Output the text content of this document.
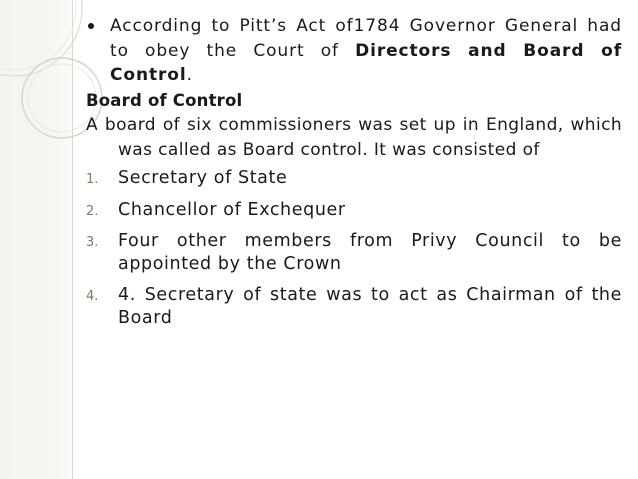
According to Pitt’s Act of1784 Governor General had to obey the Court of Directors and Board of Control.
Board of Control
A board of six commissioners was set up in England, which was called as Board control. It was consisted of
1. Secretary of State
2. Chancellor of Exchequer
3. Four other members from Privy Council to be appointed by the Crown
4. 4. Secretary of state was to act as Chairman of the Board
